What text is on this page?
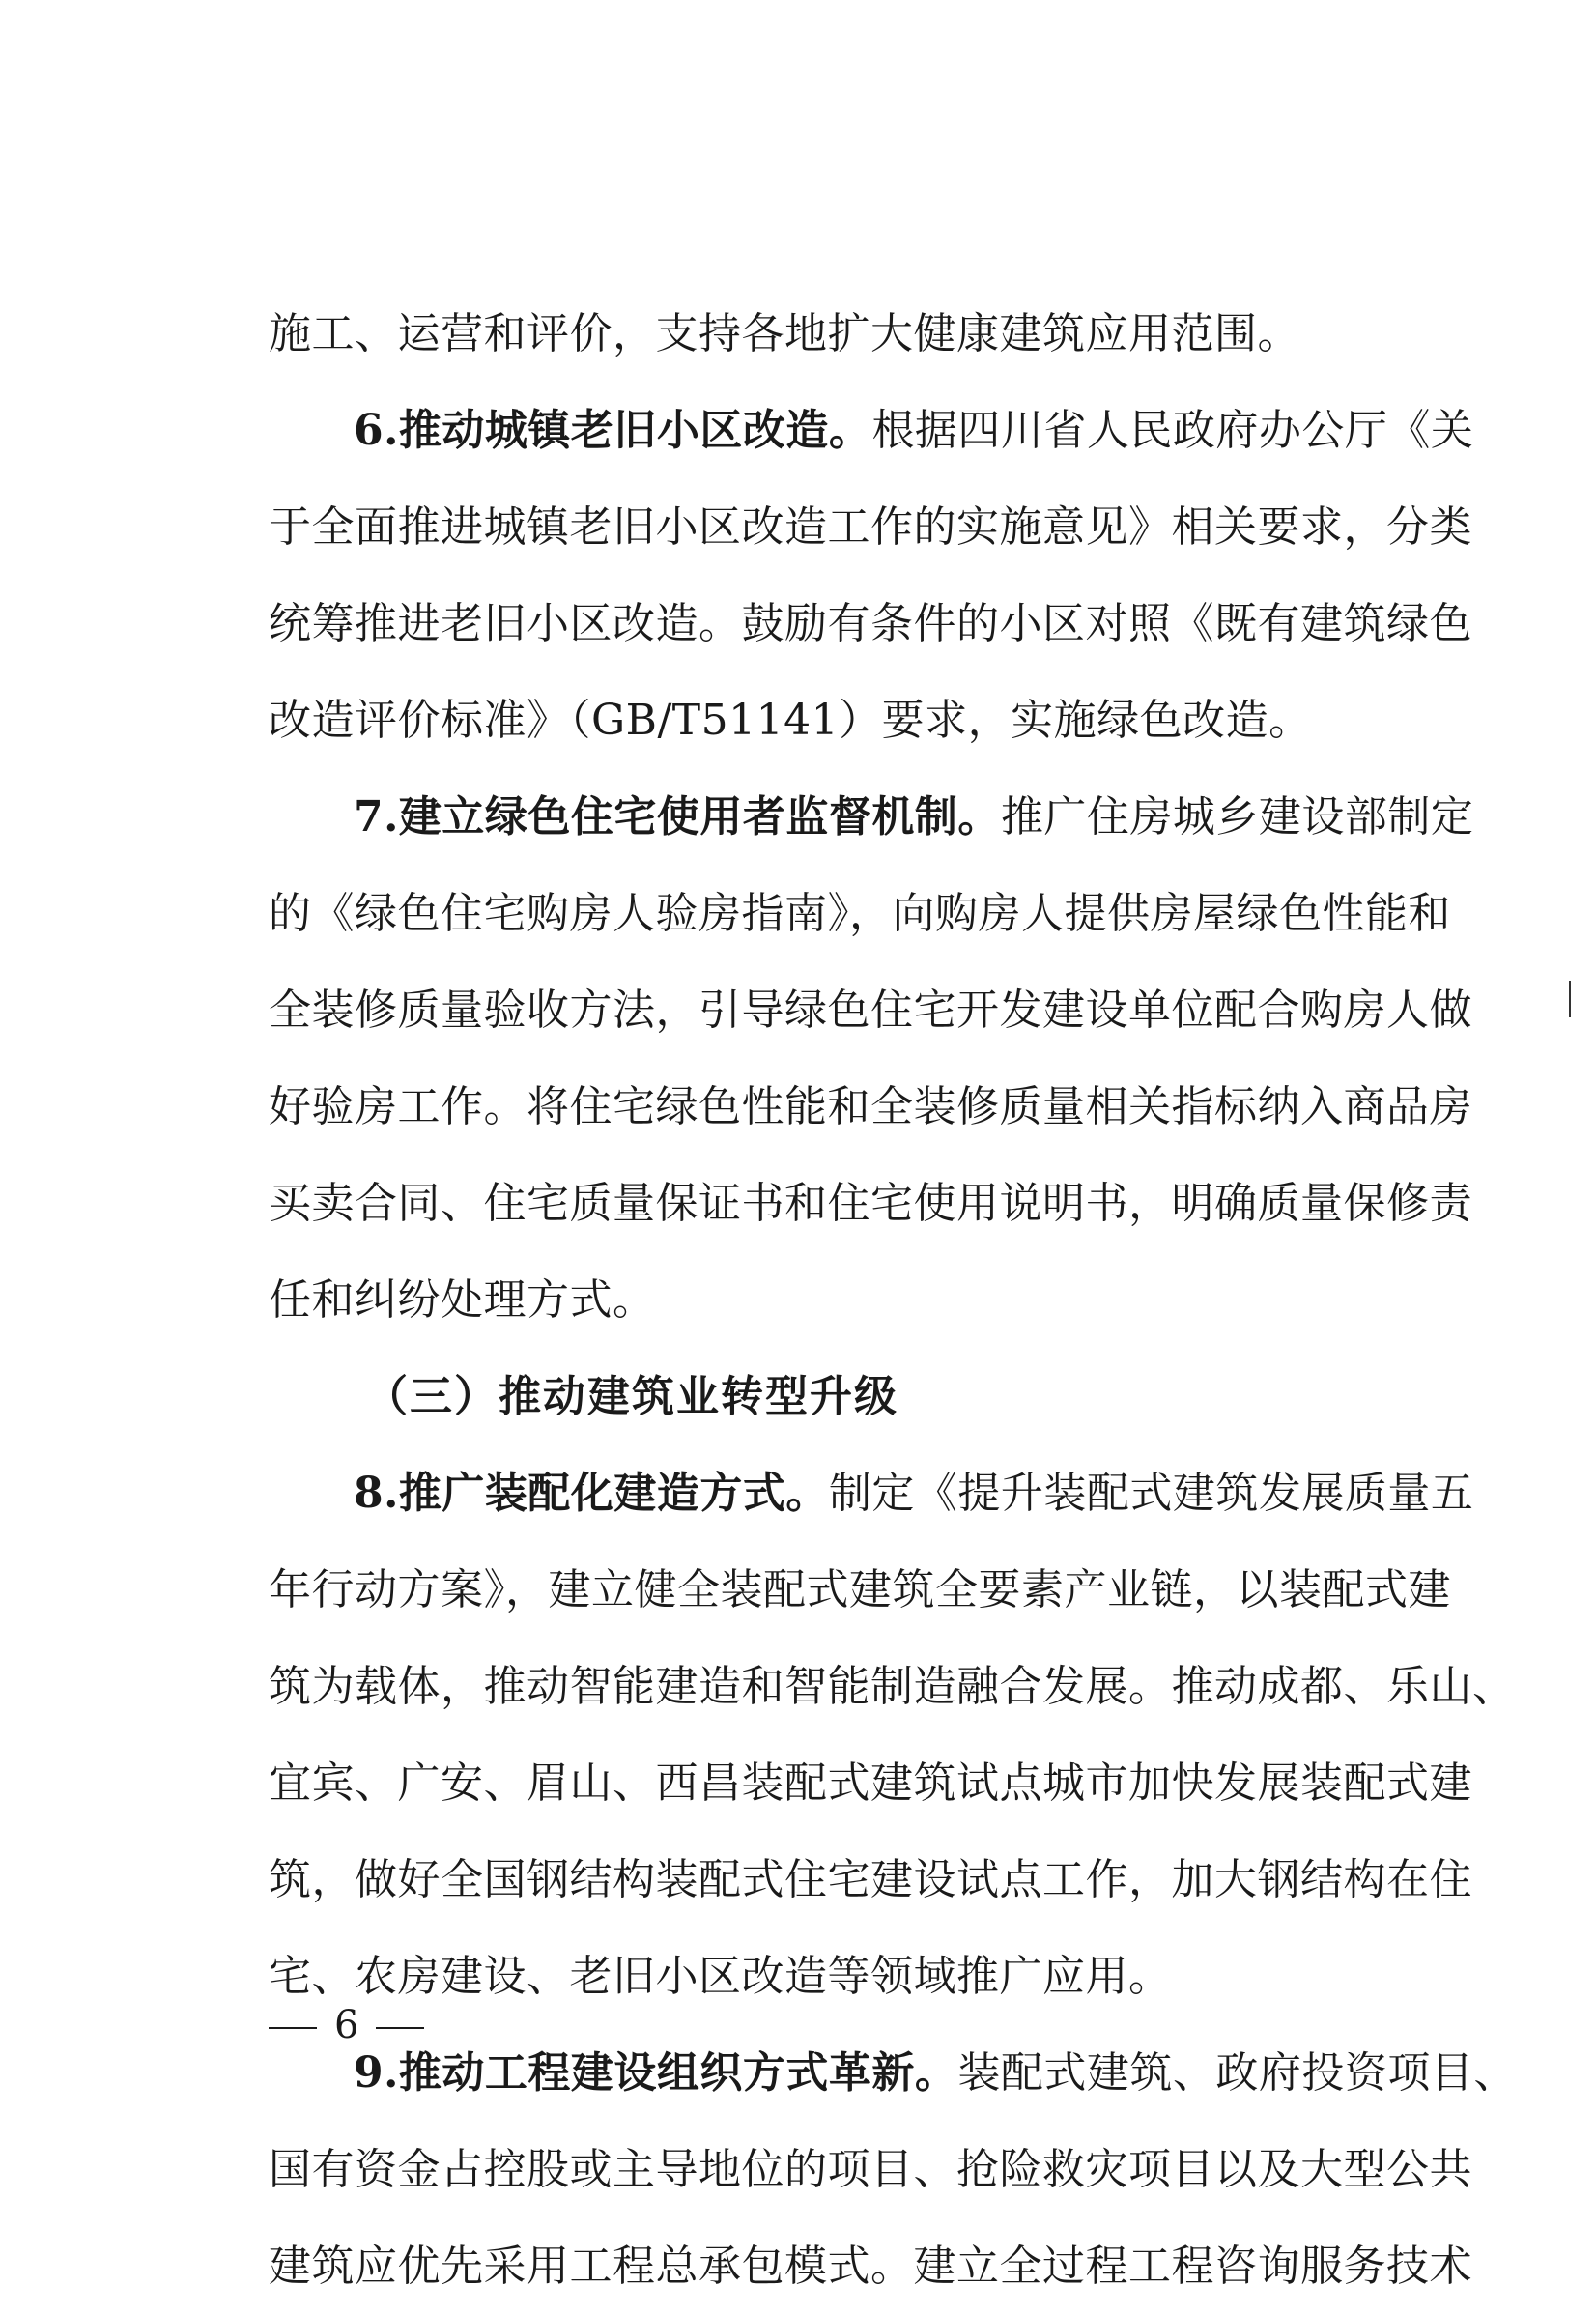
施工、运营和评价，支持各地扩大健康建筑应用范围。
6.推动城镇老旧小区改造。根据四川省人民政府办公厅《关
于全面推进城镇老旧小区改造工作的实施意见》相关要求，分类
统筹推进老旧小区改造。鼓励有条件的小区对照《既有建筑绿色
改造评价标准》（GB/T51141）要求，实施绿色改造。
7.建立绿色住宅使用者监督机制。推广住房城乡建设部制定
的《绿色住宅购房人验房指南》，向购房人提供房屋绿色性能和
全装修质量验收方法，引导绿色住宅开发建设单位配合购房人做
好验房工作。将住宅绿色性能和全装修质量相关指标纳入商品房
买卖合同、住宅质量保证书和住宅使用说明书，明确质量保修责
任和纠纷处理方式。
（三）推动建筑业转型升级
8.推广装配化建造方式。制定《提升装配式建筑发展质量五
年行动方案》，建立健全装配式建筑全要素产业链，以装配式建
筑为载体，推动智能建造和智能制造融合发展。推动成都、乐山、
宜宾、广安、眉山、西昌装配式建筑试点城市加快发展装配式建
筑，做好全国钢结构装配式住宅建设试点工作，加大钢结构在住
宅、农房建设、老旧小区改造等领域推广应用。
9.推动工程建设组织方式革新。装配式建筑、政府投资项目、
国有资金占控股或主导地位的项目、抢险救灾项目以及大型公共
建筑应优先采用工程总承包模式。建立全过程工程咨询服务技术
6
